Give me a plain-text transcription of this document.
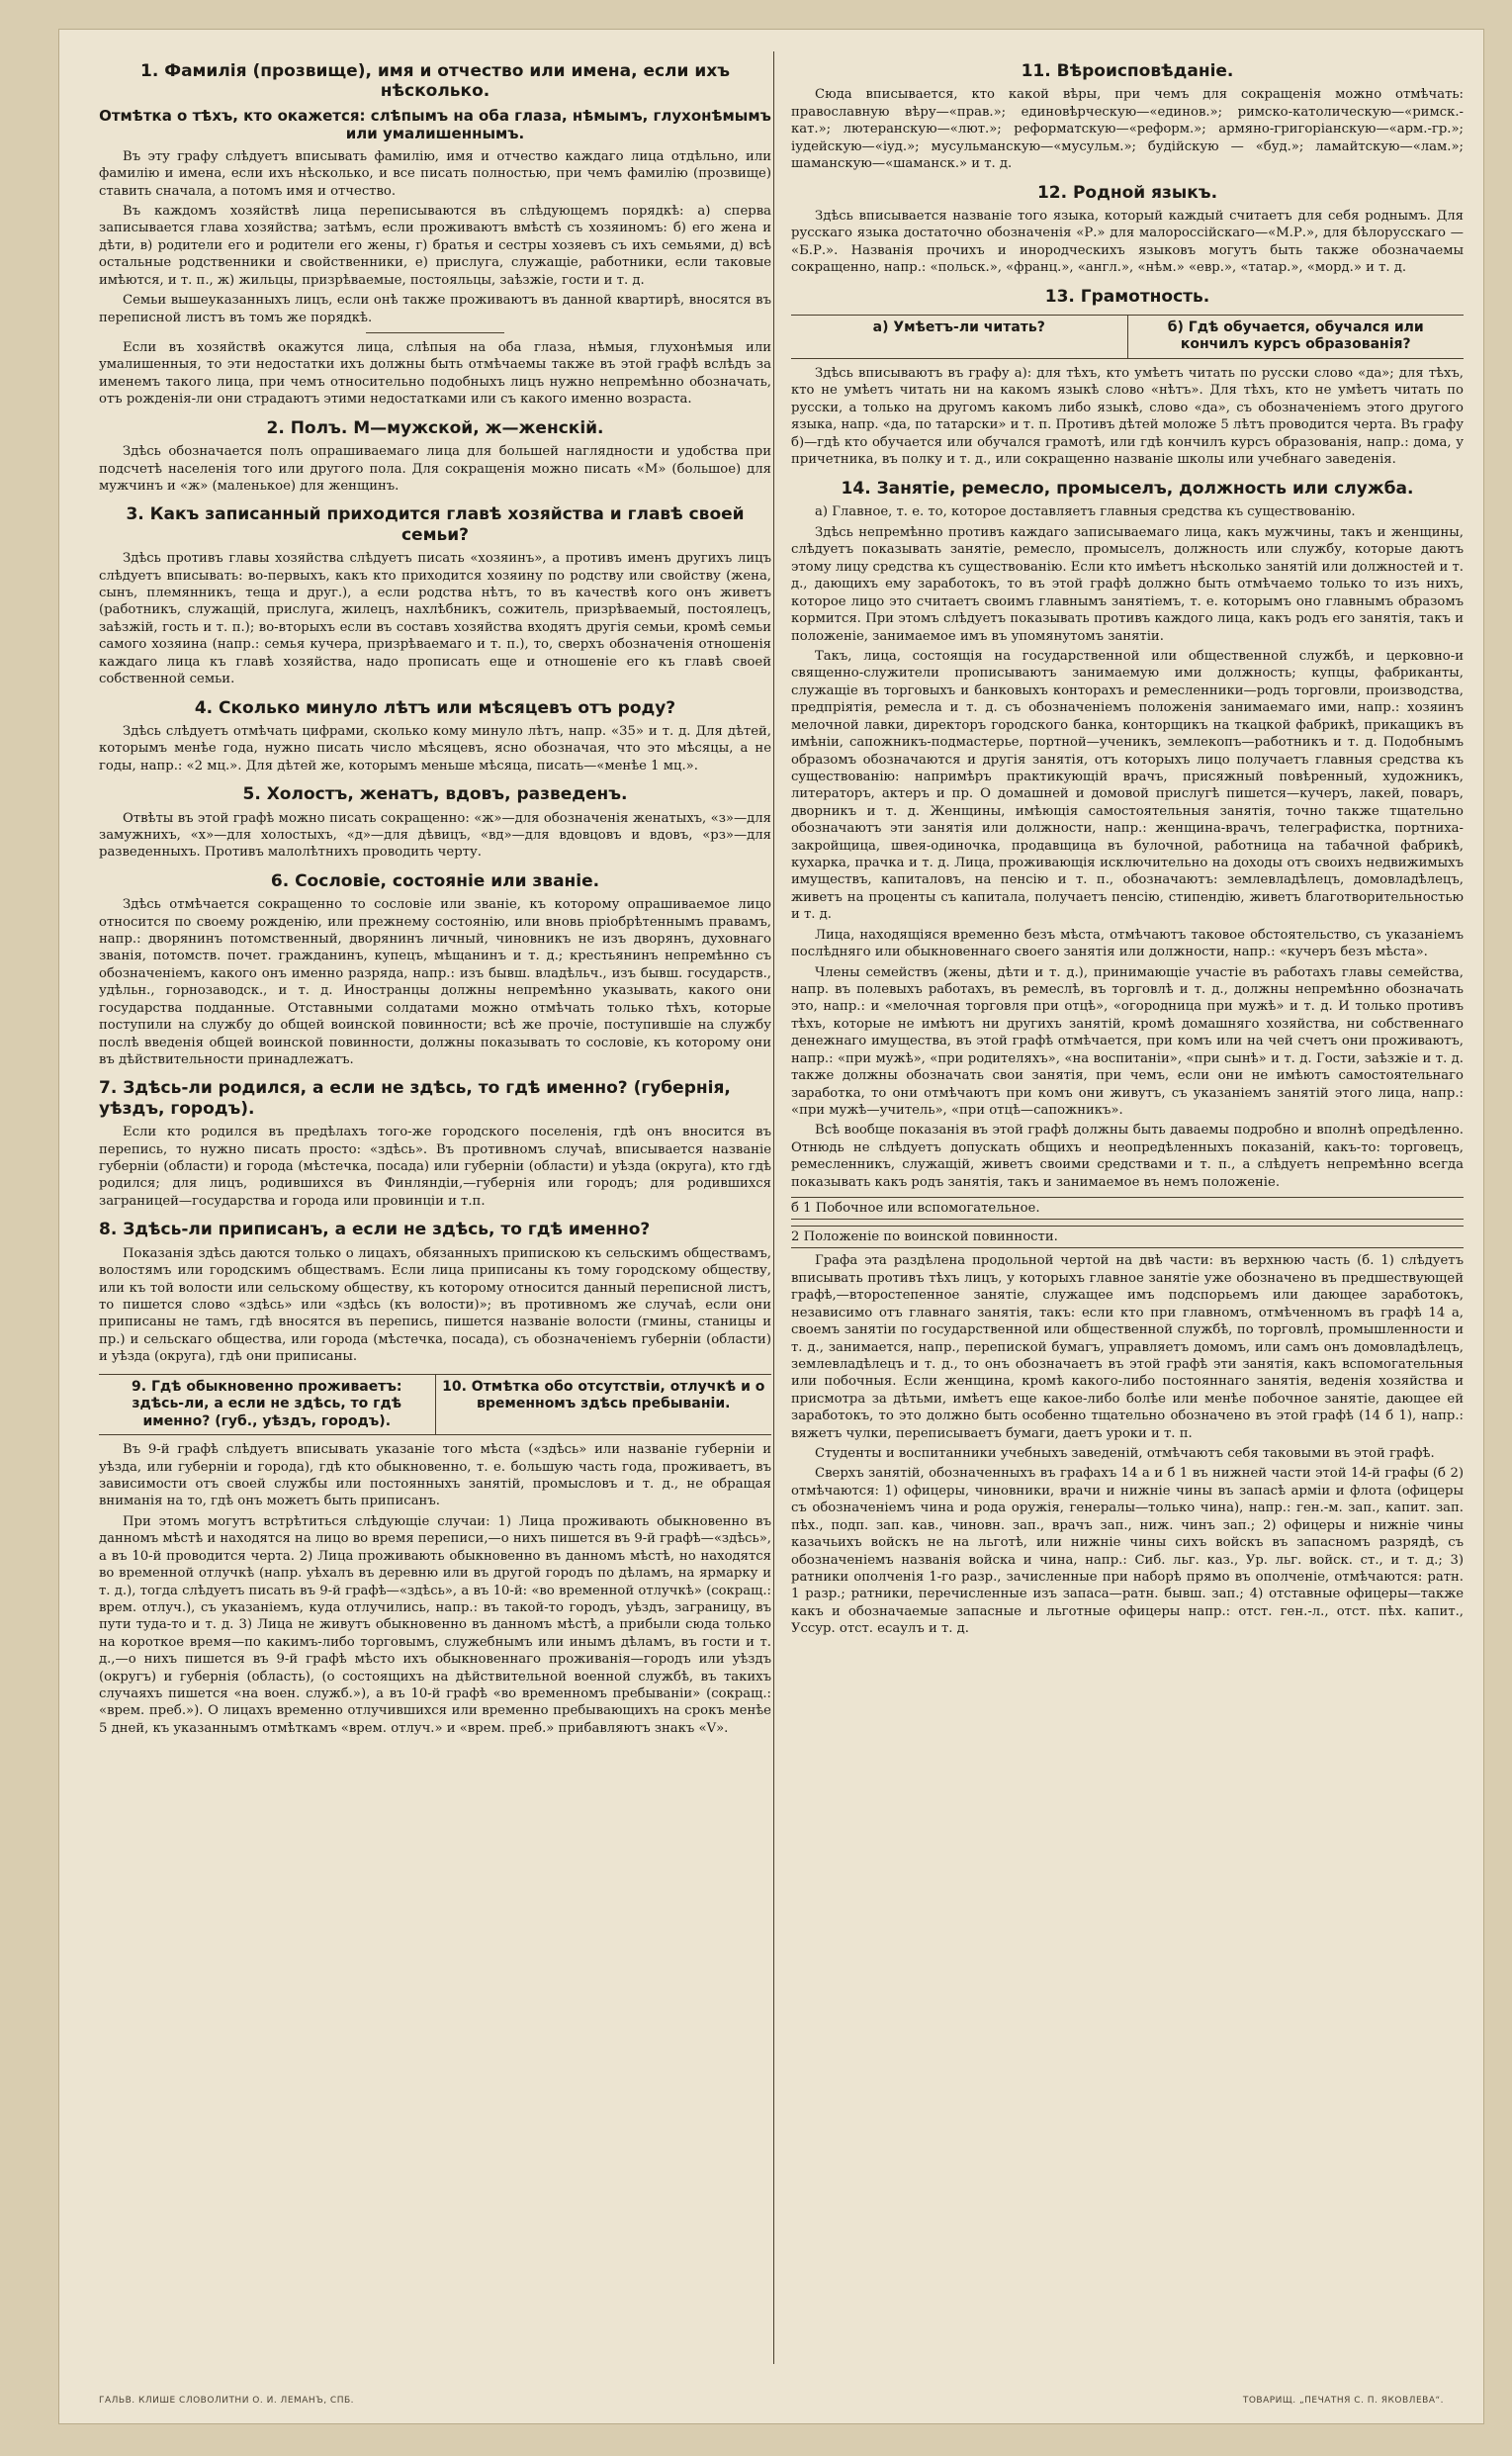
1. Фамилія (прозвище), имя и отчество или имена, если ихъ нѣсколько.
Отмѣтка о тѣхъ, кто окажется: слѣпымъ на оба глаза, нѣмымъ, глухонѣмымъ или умалишеннымъ.

Въ эту графу слѣдуетъ вписывать фамилію, имя и отчество каждаго лица отдѣльно, или фамилію и имена, если ихъ нѣсколько, и все писать полностью, при чемъ фамилію (прозвище) ставить сначала, а потомъ имя и отчество.

Въ каждомъ хозяйствѣ лица переписываются въ слѣдующемъ порядкѣ: а) сперва записывается глава хозяйства; затѣмъ, если проживаютъ вмѣстѣ съ хозяиномъ: б) его жена и дѣти, в) родители его и родители его жены, г) братья и сестры хозяевъ съ ихъ семьями, д) всѣ остальные родственники и свойственники, е) прислуга, служащіе, работники, если таковые имѣются, и т. п., ж) жильцы, призрѣваемые, постояльцы, заѣзжіе, гости и т. д.

Семьи вышеуказанныхъ лицъ, если онѣ также проживаютъ въ данной квартирѣ, вносятся въ переписной листъ въ томъ же порядкѣ.

Если въ хозяйствѣ окажутся лица, слѣпыя на оба глаза, нѣмыя, глухонѣмыя или умалишенныя, то эти недостатки ихъ должны быть отмѣчаемы также въ этой графѣ вслѣдъ за именемъ такого лица, при чемъ относительно подобныхъ лицъ нужно непремѣнно обозначать, отъ рожденія-ли они страдаютъ этими недостатками или съ какого именно возраста.

2. Полъ. М—мужской, ж—женскій.

Здѣсь обозначается полъ опрашиваемаго лица для большей наглядности и удобства при подсчетѣ населенія того или другого пола. Для сокращенія можно писать «М» (большое) для мужчинъ и «ж» (маленькое) для женщинъ.

3. Какъ записанный приходится главѣ хозяйства и главѣ своей семьи?

Здѣсь противъ главы хозяйства слѣдуетъ писать «хозяинъ», а противъ именъ другихъ лицъ слѣдуетъ вписывать: во-первыхъ, какъ кто приходится хозяину по родству или свойству (жена, сынъ, племянникъ, теща и друг.), а если родства нѣтъ, то въ качествѣ кого онъ живетъ (работникъ, служащій, прислуга, жилецъ, нахлѣбникъ, сожитель, призрѣваемый, постоялецъ, заѣзжій, гость и т. п.); во-вторыхъ если въ составъ хозяйства входятъ другія семьи, кромѣ семьи самого хозяина (напр.: семья кучера, призрѣваемаго и т. п.), то, сверхъ обозначенія отношенія каждаго лица къ главѣ хозяйства, надо прописать еще и отношеніе его къ главѣ своей собственной семьи.

4. Сколько минуло лѣтъ или мѣсяцевъ отъ роду?

Здѣсь слѣдуетъ отмѣчать цифрами, сколько кому минуло лѣтъ, напр. «35» и т. д. Для дѣтей, которымъ менѣе года, нужно писать число мѣсяцевъ, ясно обозначая, что это мѣсяцы, а не годы, напр.: «2 мц.». Для дѣтей же, которымъ меньше мѣсяца, писать—«менѣе 1 мц.».

5. Холостъ, женатъ, вдовъ, разведенъ.

Отвѣты въ этой графѣ можно писать сокращенно: «ж»—для обозначенія женатыхъ, «з»—для замужнихъ, «х»—для холостыхъ, «д»—для дѣвицъ, «вд»—для вдовцовъ и вдовъ, «рз»—для разведенныхъ. Противъ малолѣтнихъ проводить черту.

6. Сословіе, состояніе или званіе.

Здѣсь отмѣчается сокращенно то сословіе или званіе, къ которому опрашиваемое лицо относится по своему рожденію, или прежнему состоянію, или вновь пріобрѣтеннымъ правамъ, напр.: дворянинъ потомственный, дворянинъ личный, чиновникъ не изъ дворянъ, духовнаго званія, потомств. почет. гражданинъ, купецъ, мѣщанинъ и т. д.; крестьянинъ непремѣнно съ обозначеніемъ, какого онъ именно разряда, напр.: изъ бывш. владѣльч., изъ бывш. государств., удѣльн., горнозаводск., и т. д. Иностранцы должны непремѣнно указывать, какого они государства подданные. Отставными солдатами можно отмѣчать только тѣхъ, которые поступили на службу до общей воинской повинности; всѣ же прочіе, поступившіе на службу послѣ введенія общей воинской повинности, должны показывать то сословіе, къ которому они въ дѣйствительности принадлежатъ.

7. Здѣсь-ли родился, а если не здѣсь, то гдѣ именно? (губернія, уѣздъ, городъ).

Если кто родился въ предѣлахъ того-же городского поселенія, гдѣ онъ вносится въ перепись, то нужно писать просто: «здѣсь». Въ противномъ случаѣ, вписывается названіе губерніи (области) и города (мѣстечка, посада) или губерніи (области) и уѣзда (округа), кто гдѣ родился; для лицъ, родившихся въ Финляндіи,—губернія или городъ; для родившихся заграницей—государства и города или провинціи и т.п.

8. Здѣсь-ли приписанъ, а если не здѣсь, то гдѣ именно?

Показанія здѣсь даются только о лицахъ, обязанныхъ припискою къ сельскимъ обществамъ, волостямъ или городскимъ обществамъ. Если лица приписаны къ тому городскому обществу, или къ той волости или сельскому обществу, къ которому относится данный переписной листъ, то пишется слово «здѣсь» или «здѣсь (къ волости)»; въ противномъ же случаѣ, если они приписаны не тамъ, гдѣ вносятся въ перепись, пишется названіе волости (гмины, станицы и пр.) и сельскаго общества, или города (мѣстечка, посада), съ обозначеніемъ губерніи (области) и уѣзда (округа), гдѣ они приписаны.

9. Гдѣ обыкновенно проживаетъ: здѣсь-ли, а если не здѣсь, то гдѣ именно? (губ., уѣздъ, городъ).
10. Отмѣтка обо отсутствіи, отлучкѣ и о временномъ здѣсь пребываніи.

Въ 9-й графѣ слѣдуетъ вписывать указаніе того мѣста («здѣсь» или названіе губерніи и уѣзда, или губерніи и города), гдѣ кто обыкновенно, т. е. большую часть года, проживаетъ, въ зависимости отъ своей службы или постоянныхъ занятій, промысловъ и т. д., не обращая вниманія на то, гдѣ онъ можетъ быть приписанъ.

При этомъ могутъ встрѣтиться слѣдующіе случаи: 1) Лица проживають обыкновенно въ данномъ мѣстѣ и находятся на лицо во время переписи,—о нихъ пишется въ 9-й графѣ—«здѣсь», а въ 10-й проводится черта. 2) Лица проживають обыкновенно въ данномъ мѣстѣ, но находятся во временной отлучкѣ (напр. уѣхалъ въ деревню или въ другой городъ по дѣламъ, на ярмарку и т. д.), тогда слѣдуетъ писать въ 9-й графѣ—«здѣсь», а въ 10-й: «во временной отлучкѣ» (сокращ.: врем. отлуч.), съ указаніемъ, куда отлучились, напр.: въ такой-то городъ, уѣздъ, заграницу, въ пути туда-то и т. д. 3) Лица не живутъ обыкновенно въ данномъ мѣстѣ, а прибыли сюда только на короткое время—по какимъ-либо торговымъ, служебнымъ или инымъ дѣламъ, въ гости и т. д.,—о нихъ пишется въ 9-й графѣ мѣсто ихъ обыкновеннаго проживанія—городъ или уѣздъ (округъ) и губернія (область), (о состоящихъ на дѣйствительной военной службѣ, въ такихъ случаяхъ пишется «на воен. служб.»), а въ 10-й графѣ «во временномъ пребываніи» (сокращ.: «врем. преб.»). О лицахъ временно отлучившихся или временно пребывающихъ на срокъ менѣе 5 дней, къ указаннымъ отмѣткамъ «врем. отлуч.» и «врем. преб.» прибавляютъ знакъ «V».

11. Вѣроисповѣданіе.

Сюда вписывается, кто какой вѣры, при чемъ для сокращенія можно отмѣчать: православную вѣру—«прав.»; единовѣрческую—«единов.»; римско-католическую—«римск.-кат.»; лютеранскую—«лют.»; реформатскую—«реформ.»; армяно-григоріанскую—«арм.-гр.»; іудейскую—«іуд.»; мусульманскую—«мусульм.»; будійскую — «буд.»; ламайтскую—«лам.»; шаманскую—«шаманск.» и т. д.

12. Родной языкъ.

Здѣсь вписывается названіе того языка, который каждый считаетъ для себя роднымъ. Для русскаго языка достаточно обозначенія «Р.» для малороссійскаго—«М.Р.», для бѣлорусскаго — «Б.Р.». Названія прочихъ и инородческихъ языковъ могутъ быть также обозначаемы сокращенно, напр.: «польск.», «франц.», «англ.», «нѣм.» «евр.», «татар.», «морд.» и т. д.

13. Грамотность.
а) Умѣетъ-ли читать?	б) Гдѣ обучается, обучался или кончилъ курсъ образованія?

Здѣсь вписываютъ въ графу а): для тѣхъ, кто умѣетъ читать по русски слово «да»; для тѣхъ, кто не умѣетъ читать ни на какомъ языкѣ слово «нѣтъ». Для тѣхъ, кто не умѣетъ читать по русски, а только на другомъ какомъ либо языкѣ, слово «да», съ обозначеніемъ этого другого языка, напр. «да, по татарски» и т. п. Противъ дѣтей моложе 5 лѣтъ проводится черта. Въ графу б)—гдѣ кто обучается или обучался грамотѣ, или гдѣ кончилъ курсъ образованія, напр.: дома, у причетника, въ полку и т. д., или сокращенно названіе школы или учебнаго заведенія.

14. Занятіе, ремесло, промыселъ, должность или служба.
а) Главное, т. е. то, которое доставляетъ главныя средства къ существованію.

Здѣсь непремѣнно противъ каждаго записываемаго лица, какъ мужчины, такъ и женщины, слѣдуетъ показывать занятіе, ремесло, промыселъ, должность или службу, которые даютъ этому лицу средства къ существованію. Если кто имѣетъ нѣсколько занятій или должностей и т. д., дающихъ ему заработокъ, то въ этой графѣ должно быть отмѣчаемо только то изъ нихъ, которое лицо это считаетъ своимъ главнымъ занятіемъ, т. е. которымъ оно главнымъ образомъ кормится. При этомъ слѣдуетъ показывать противъ каждого лица, какъ родъ его занятія, такъ и положеніе, занимаемое имъ въ упомянутомъ занятіи.

Такъ, лица, состоящія на государственной или общественной службѣ, и церковно-и священно-служители прописываютъ занимаемую ими должность; купцы, фабриканты, служащіе въ торговыхъ и банковыхъ конторахъ и ремесленники—родъ торговли, производства, предпріятія, ремесла и т. д. съ обозначеніемъ положенія занимаемаго ими, напр.: хозяинъ мелочной лавки, директоръ городского банка, конторщикъ на ткацкой фабрикѣ, прикащикъ въ имѣніи, сапожникъ-подмастерье, портной—ученикъ, землекопъ—работникъ и т. д. Подобнымъ образомъ обозначаются и другія занятія, отъ которыхъ лицо получаетъ главныя средства къ существованію: напримѣръ практикующій врачъ, присяжный повѣренный, художникъ, литераторъ, актеръ и пр. О домашней и домовой прислугѣ пишется—кучеръ, лакей, поваръ, дворникъ и т. д. Женщины, имѣющія самостоятельныя занятія, точно также тщательно обозначаютъ эти занятія или должности, напр.: женщина-врачъ, телеграфистка, портниха-закройщица, швея-одиночка, продавщица въ булочной, работница на табачной фабрикѣ, кухарка, прачка и т. д. Лица, проживающія исключительно на доходы отъ своихъ недвижимыхъ имуществъ, капиталовъ, на пенсію и т. п., обозначаютъ: землевладѣлецъ, домовладѣлецъ, живетъ на проценты съ капитала, получаетъ пенсію, стипендію, живетъ благотворительностью и т. д.

Лица, находящіяся временно безъ мѣста, отмѣчаютъ таковое обстоятельство, съ указаніемъ послѣдняго или обыкновеннаго своего занятія или должности, напр.: «кучеръ безъ мѣста».

Члены семействъ (жены, дѣти и т. д.), принимающіе участіе въ работахъ главы семейства, напр. въ полевыхъ работахъ, въ ремеслѣ, въ торговлѣ и т. д., должны непремѣнно обозначать это, напр.: и «мелочная торговля при отцѣ», «огородница при мужѣ» и т. д. И только противъ тѣхъ, которые не имѣютъ ни другихъ занятій, кромѣ домашняго хозяйства, ни собственнаго денежнаго имущества, въ этой графѣ отмѣчается, при комъ или на чей счетъ они проживаютъ, напр.: «при мужѣ», «при родителяхъ», «на воспитаніи», «при сынѣ» и т. д. Гости, заѣзжіе и т. д. также должны обозначать свои занятія, при чемъ, если они не имѣютъ самостоятельнаго заработка, то они отмѣчаютъ при комъ они живутъ, съ указаніемъ занятій этого лица, напр.: «при мужѣ—учитель», «при отцѣ—сапожникъ».

Всѣ вообще показанія въ этой графѣ должны быть даваемы подробно и вполнѣ опредѣленно. Отнюдь не слѣдуетъ допускать общихъ и неопредѣленныхъ показаній, какъ-то: торговецъ, ремесленникъ, служащій, живетъ своими средствами и т. п., а слѣдуетъ непремѣнно всегда показывать какъ родъ занятія, такъ и занимаемое въ немъ положеніе.

б 1 Побочное или вспомогательное.
2 Положеніе по воинской повинности.

Графа эта раздѣлена продольной чертой на двѣ части: въ верхнюю часть (б. 1) слѣдуетъ вписывать противъ тѣхъ лицъ, у которыхъ главное занятіе уже обозначено въ предшествующей графѣ,—второстепенное занятіе, служащее имъ подспорьемъ или дающее заработокъ, независимо отъ главнаго занятія, такъ: если кто при главномъ, отмѣченномъ въ графѣ 14 а, своемъ занятіи по государственной или общественной службѣ, по торговлѣ, промышленности и т. д., занимается, напр., перепиской бумагъ, управляетъ домомъ, или самъ онъ домовладѣлецъ, землевладѣлецъ и т. д., то онъ обозначаетъ въ этой графѣ эти занятія, какъ вспомогательныя или побочныя. Если женщина, кромѣ какого-либо постояннаго занятія, веденія хозяйства и присмотра за дѣтьми, имѣетъ еще какое-либо болѣе или менѣе побочное занятіе, дающее ей заработокъ, то это должно быть особенно тщательно обозначено въ этой графѣ (14 б 1), напр.: вяжетъ чулки, переписываетъ бумаги, даетъ уроки и т. п.

Студенты и воспитанники учебныхъ заведеній, отмѣчаютъ себя таковыми въ этой графѣ.

Сверхъ занятій, обозначенныхъ въ графахъ 14 а и б 1 въ нижней части этой 14-й графы (б 2) отмѣчаются: 1) офицеры, чиновники, врачи и нижніе чины въ запасѣ арміи и флота (офицеры съ обозначеніемъ чина и рода оружія, генералы—только чина), напр.: ген.-м. зап., капит. зап. пѣх., подп. зап. кав., чиновн. зап., врачъ зап., ниж. чинъ зап.; 2) офицеры и нижніе чины казачьихъ войскъ не на льготѣ, или нижніе чины сихъ войскъ въ запасномъ разрядѣ, съ обозначеніемъ названія войска и чина, напр.: Сиб. льг. каз., Ур. льг. войск. ст., и т. д.; 3) ратники ополченія 1-го разр., зачисленные при наборѣ прямо въ ополченіе, отмѣчаются: ратн. 1 разр.; ратники, перечисленные изъ запаса—ратн. бывш. зап.; 4) отставные офицеры—также какъ и обозначаемые запасные и льготные офицеры напр.: отст. ген.-л., отст. пѣх. капит., Уссур. отст. есаулъ и т. д.

ГАЛЬВ. КЛИШЕ СЛОВОЛИТНИ О. И. ЛЕМАНЪ, СПБ.	ТОВАРИЩ. „ПЕЧАТНЯ С. П. ЯКОВЛЕВА“.
